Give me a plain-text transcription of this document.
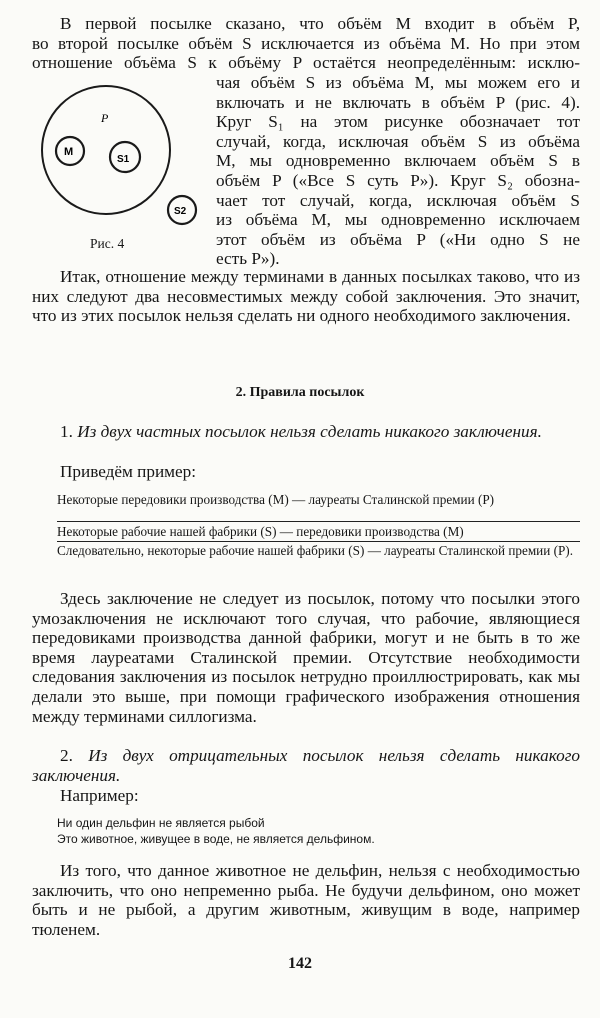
В первой посылке сказано, что объём M входит в объём P,
во второй посылке объём S исключается из объёма M. Но при этом
отношение объёма S к объёму P остаётся неопределённым: исклю-
чая объём S из объёма M, мы можем его и
включать и не включать в объём P (рис. 4).
Круг S₁ на этом рисунке обозначает тот
случай, когда, исключая объём S из объёма
M, мы одновременно включаем объём S в
объём P («Все S суть P»). Круг S₂ обозна-
чает тот случай, когда, исключая объём S
из объёма M, мы одновременно исключаем
этот объём из объёма P («Ни одно S не
есть P»).
P
M
S1
S2
Рис. 4

Итак, отношение между терминами в данных посылках таково, что из них следуют два несовместимых между собой заключения. Это значит, что из этих посылок нельзя сделать ни одного необходимого заключения.

2. Правила посылок

1. Из двух частных посылок нельзя сделать никакого заключения.

Приведём пример:

Некоторые передовики производства (M) — лауреаты Сталинской премии (P)

Некоторые рабочие нашей фабрики (S) — передовики производства (M)

Следовательно, некоторые рабочие нашей фабрики (S) — лауреаты Сталинской премии (P).

Здесь заключение не следует из посылок, потому что посылки этого умозаключения не исключают того случая, что рабочие, являющиеся передовиками производства данной фабрики, могут и не быть в то же время лауреатами Сталинской премии. Отсутствие необходимости следования заключения из посылок нетрудно проиллюстрировать, как мы делали это выше, при помощи графического изображения отношения между терминами силлогизма.

2. Из двух отрицательных посылок нельзя сделать никакого заключения.

Например:

Ни один дельфин не является рыбой

Это животное, живущее в воде, не является дельфином.

Из того, что данное животное не дельфин, нельзя с необходимостью заключить, что оно непременно рыба. Не будучи дельфином, оно может быть и не рыбой, а другим животным, живущим в воде, например тюленем.

142
